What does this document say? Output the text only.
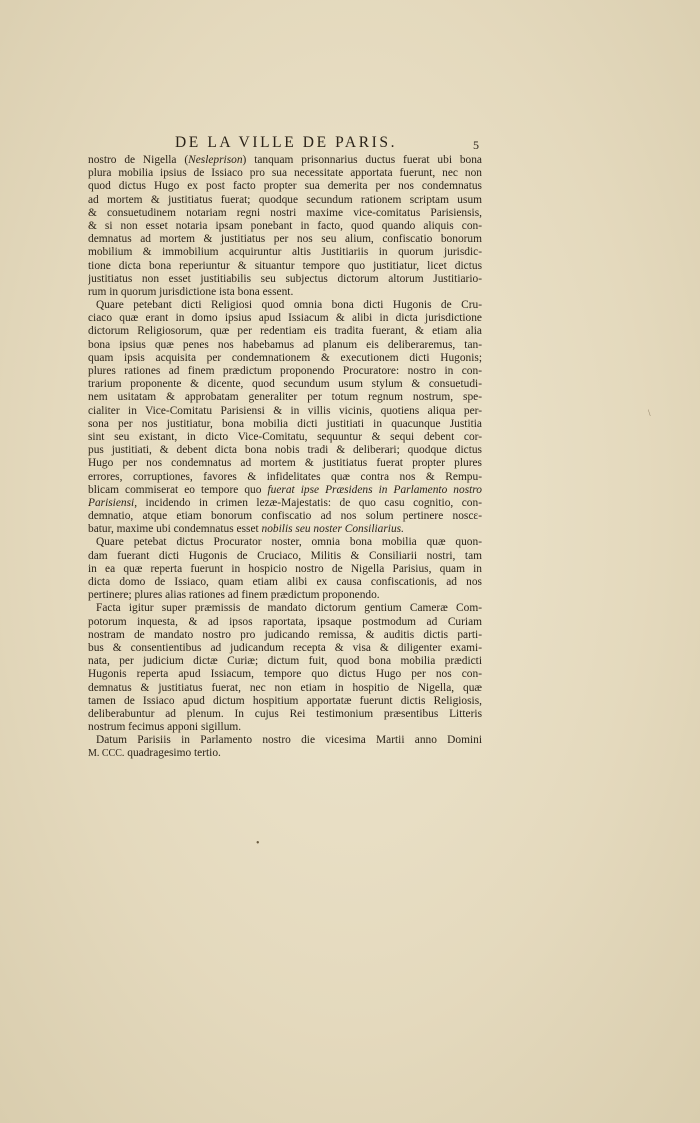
DE LA VILLE DE PARIS.	5
nostro de Nigella (Nesleprison) tanquam prisonnarius ductus fuerat ubi bona
plura mobilia ipsius de Issiaco pro sua necessitate apportata fuerunt, nec non
quod dictus Hugo ex post facto propter sua demerita per nos condemnatus
ad mortem & justitiatus fuerat; quodque secundum rationem scriptam usum
& consuetudinem notariam regni nostri maxime vice-comitatus Parisiensis,
& si non esset notaria ipsam ponebant in facto, quod quando aliquis con-
demnatus ad mortem & justitiatus per nos seu alium, confiscatio bonorum
mobilium & immobilium acquiruntur altis Justitiariis in quorum jurisdic-
tione dicta bona reperiuntur & situantur tempore quo justitiatur, licet dictus
justitiatus non esset justitiabilis seu subjectus dictorum altorum Justitiario-
rum in quorum jurisdictione ista bona essent.
Quare petebant dicti Religiosi quod omnia bona dicti Hugonis de Cru-
ciaco quæ erant in domo ipsius apud Issiacum & alibi in dicta jurisdictione
dictorum Religiosorum, quæ per redentiam eis tradita fuerant, & etiam alia
bona ipsius quæ penes nos habebamus ad planum eis deliberaremus, tan-
quam ipsis acquisita per condemnationem & executionem dicti Hugonis;
plures rationes ad finem prædictum proponendo Procuratore: nostro in con-
trarium proponente & dicente, quod secundum usum stylum & consuetudi-
nem usitatam & approbatam generaliter per totum regnum nostrum, spe-
cialiter in Vice-Comitatu Parisiensi & in villis vicinis, quotiens aliqua per-
sona per nos justitiatur, bona mobilia dicti justitiati in quacunque Justitia
sint seu existant, in dicto Vice-Comitatu, sequuntur & sequi debent cor-
pus justitiati, & debent dicta bona nobis tradi & deliberari; quodque dictus
Hugo per nos condemnatus ad mortem & justitiatus fuerat propter plures
errores, corruptiones, favores & infidelitates quæ contra nos & Rempu-
blicam commiserat eo tempore quo fuerat ipse Præsidens in Parlamento nostro
Parisiensi, incidendo in crimen lezæ-Majestatis: de quo casu cognitio, con-
demnatio, atque etiam bonorum confiscatio ad nos solum pertinere noscε-
batur, maxime ubi condemnatus esset nobilis seu noster Consiliarius.
Quare petebat dictus Procurator noster, omnia bona mobilia quæ quon-
dam fuerant dicti Hugonis de Cruciaco, Militis & Consiliarii nostri, tam
in ea quæ reperta fuerunt in hospicio nostro de Nigella Parisius, quam in
dicta domo de Issiaco, quam etiam alibi ex causa confiscationis, ad nos
pertinere; plures alias rationes ad finem prædictum proponendo.
Facta igitur super præmissis de mandato dictorum gentium Cameræ Com-
potorum inquesta, & ad ipsos raportata, ipsaque postmodum ad Curiam
nostram de mandato nostro pro judicando remissa, & auditis dictis parti-
bus & consentientibus ad judicandum recepta & visa & diligenter exami-
nata, per judicium dictæ Curiæ; dictum fuit, quod bona mobilia prædicti
Hugonis reperta apud Issiacum, tempore quo dictus Hugo per nos con-
demnatus & justitiatus fuerat, nec non etiam in hospitio de Nigella, quæ
tamen de Issiaco apud dictum hospitium apportatæ fuerunt dictis Religiosis,
deliberabuntur ad plenum. In cujus Rei testimonium præsentibus Litteris
nostrum fecimus apponi sigillum.
Datum Parisiis in Parlamento nostro die vicesima Martii anno Domini
M. CCC. quadragesimo tertio.
•
\
